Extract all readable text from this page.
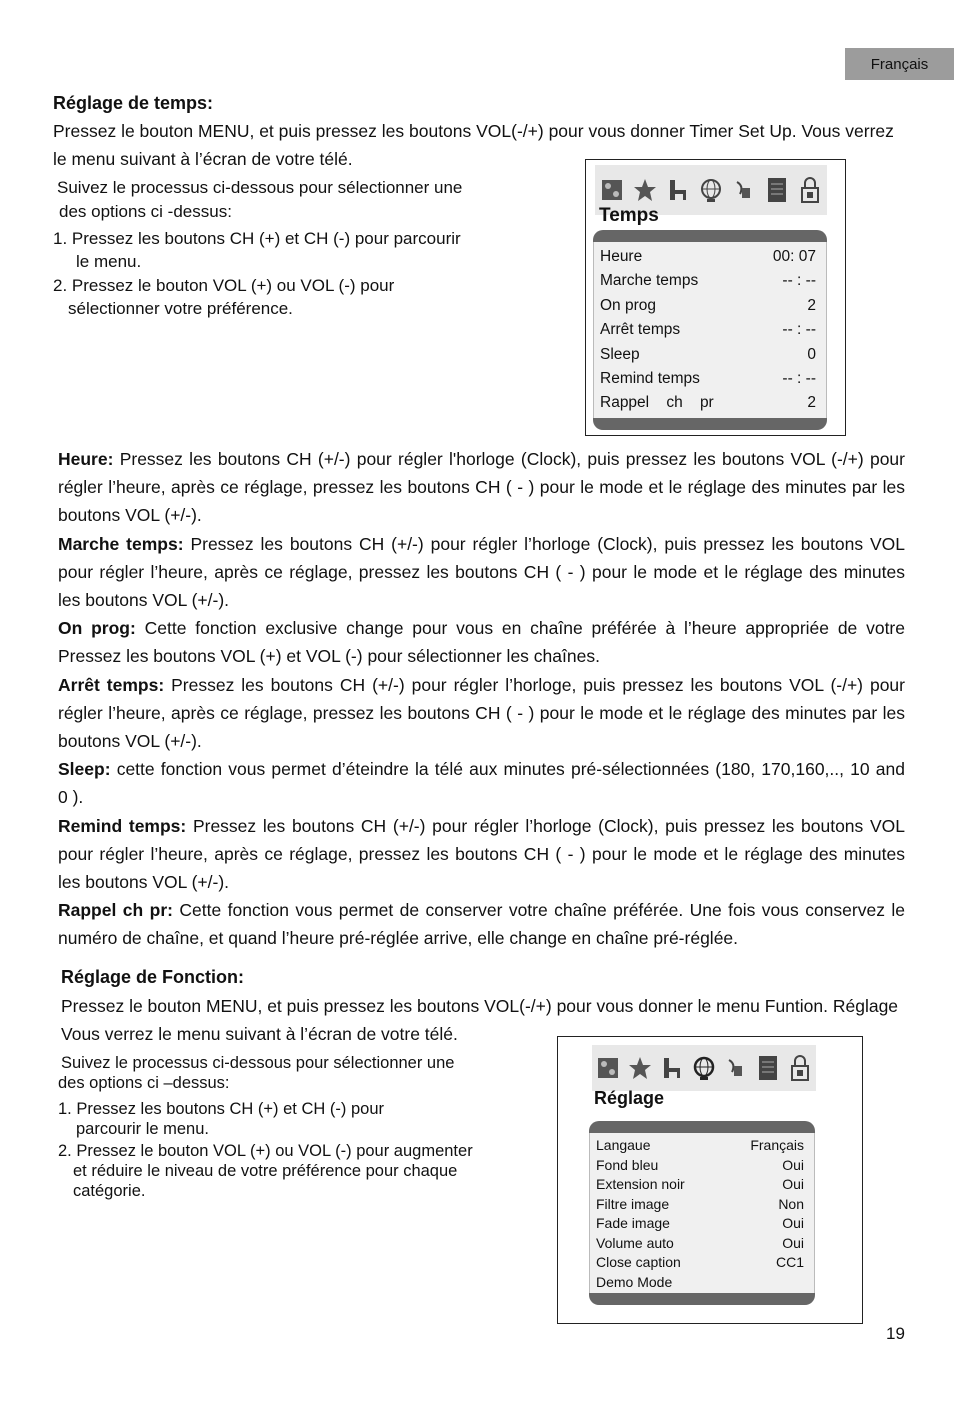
Français
Réglage de temps:
Pressez le bouton MENU, et puis pressez les boutons VOL(-/+) pour vous donner Timer Set Up. Vous verrez
le menu suivant à l’écran de votre télé.
Suivez le processus ci-dessous pour sélectionner une
des options ci -dessus:
1. Pressez les boutons CH (+) et CH (-) pour parcourir
le menu.
2. Pressez le bouton VOL (+) ou VOL (-) pour
sélectionner votre préférence.
Temps
Heure	00: 07
Marche temps	-- : --
On prog	2
Arrêt temps	-- : --
Sleep	0
Remind temps	-- : --
Rappel    ch    pr	2
Heure: Pressez les boutons CH (+/-) pour régler l'horloge (Clock), puis pressez les boutons VOL (-/+) pour
régler l’heure, après ce réglage, pressez les boutons CH ( - ) pour le mode et le réglage des minutes par les
boutons VOL (+/-).
Marche temps: Pressez les boutons CH (+/-) pour régler l’horloge (Clock), puis pressez les boutons VOL
pour régler l’heure, après ce réglage, pressez les boutons CH ( - ) pour le mode et le réglage des minutes
les boutons VOL (+/-).
On prog: Cette fonction exclusive change pour vous en chaîne préférée à l’heure appropriée de votre
Pressez les boutons VOL (+) et VOL (-) pour sélectionner les chaînes.
Arrêt temps: Pressez les boutons CH (+/-) pour régler l’horloge, puis pressez les boutons VOL (-/+) pour
régler l’heure, après ce réglage, pressez les boutons CH ( - ) pour le mode et le réglage des minutes par les
boutons VOL (+/-).
Sleep: cette fonction vous permet d’éteindre la télé aux minutes pré-sélectionnées (180, 170,160,.., 10 and
0 ).
Remind temps: Pressez les boutons CH (+/-) pour régler l’horloge (Clock), puis pressez les boutons VOL
pour régler l’heure, après ce réglage, pressez les boutons CH ( - ) pour le mode et le réglage des minutes
les boutons VOL (+/-).
Rappel ch pr: Cette fonction vous permet de conserver votre chaîne préférée. Une fois vous conservez le
numéro de chaîne, et quand l’heure pré-réglée arrive, elle change en chaîne pré-réglée.
Réglage de Fonction:
Pressez le bouton MENU, et puis pressez les boutons VOL(-/+) pour vous donner le menu Funtion. Réglage
Vous verrez le menu suivant à l’écran de votre télé.
Suivez le processus ci-dessous pour sélectionner une
des options ci –dessus:
1. Pressez les boutons CH (+) et CH (-) pour
parcourir le menu.
2. Pressez le bouton VOL (+) ou VOL (-) pour augmenter
et réduire le niveau de votre préférence pour chaque
catégorie.
Réglage
Langaue	Français
Fond bleu	Oui
Extension noir	Oui
Filtre image	Non
Fade image	Oui
Volume auto	Oui
Close caption	CC1
Demo Mode
19
